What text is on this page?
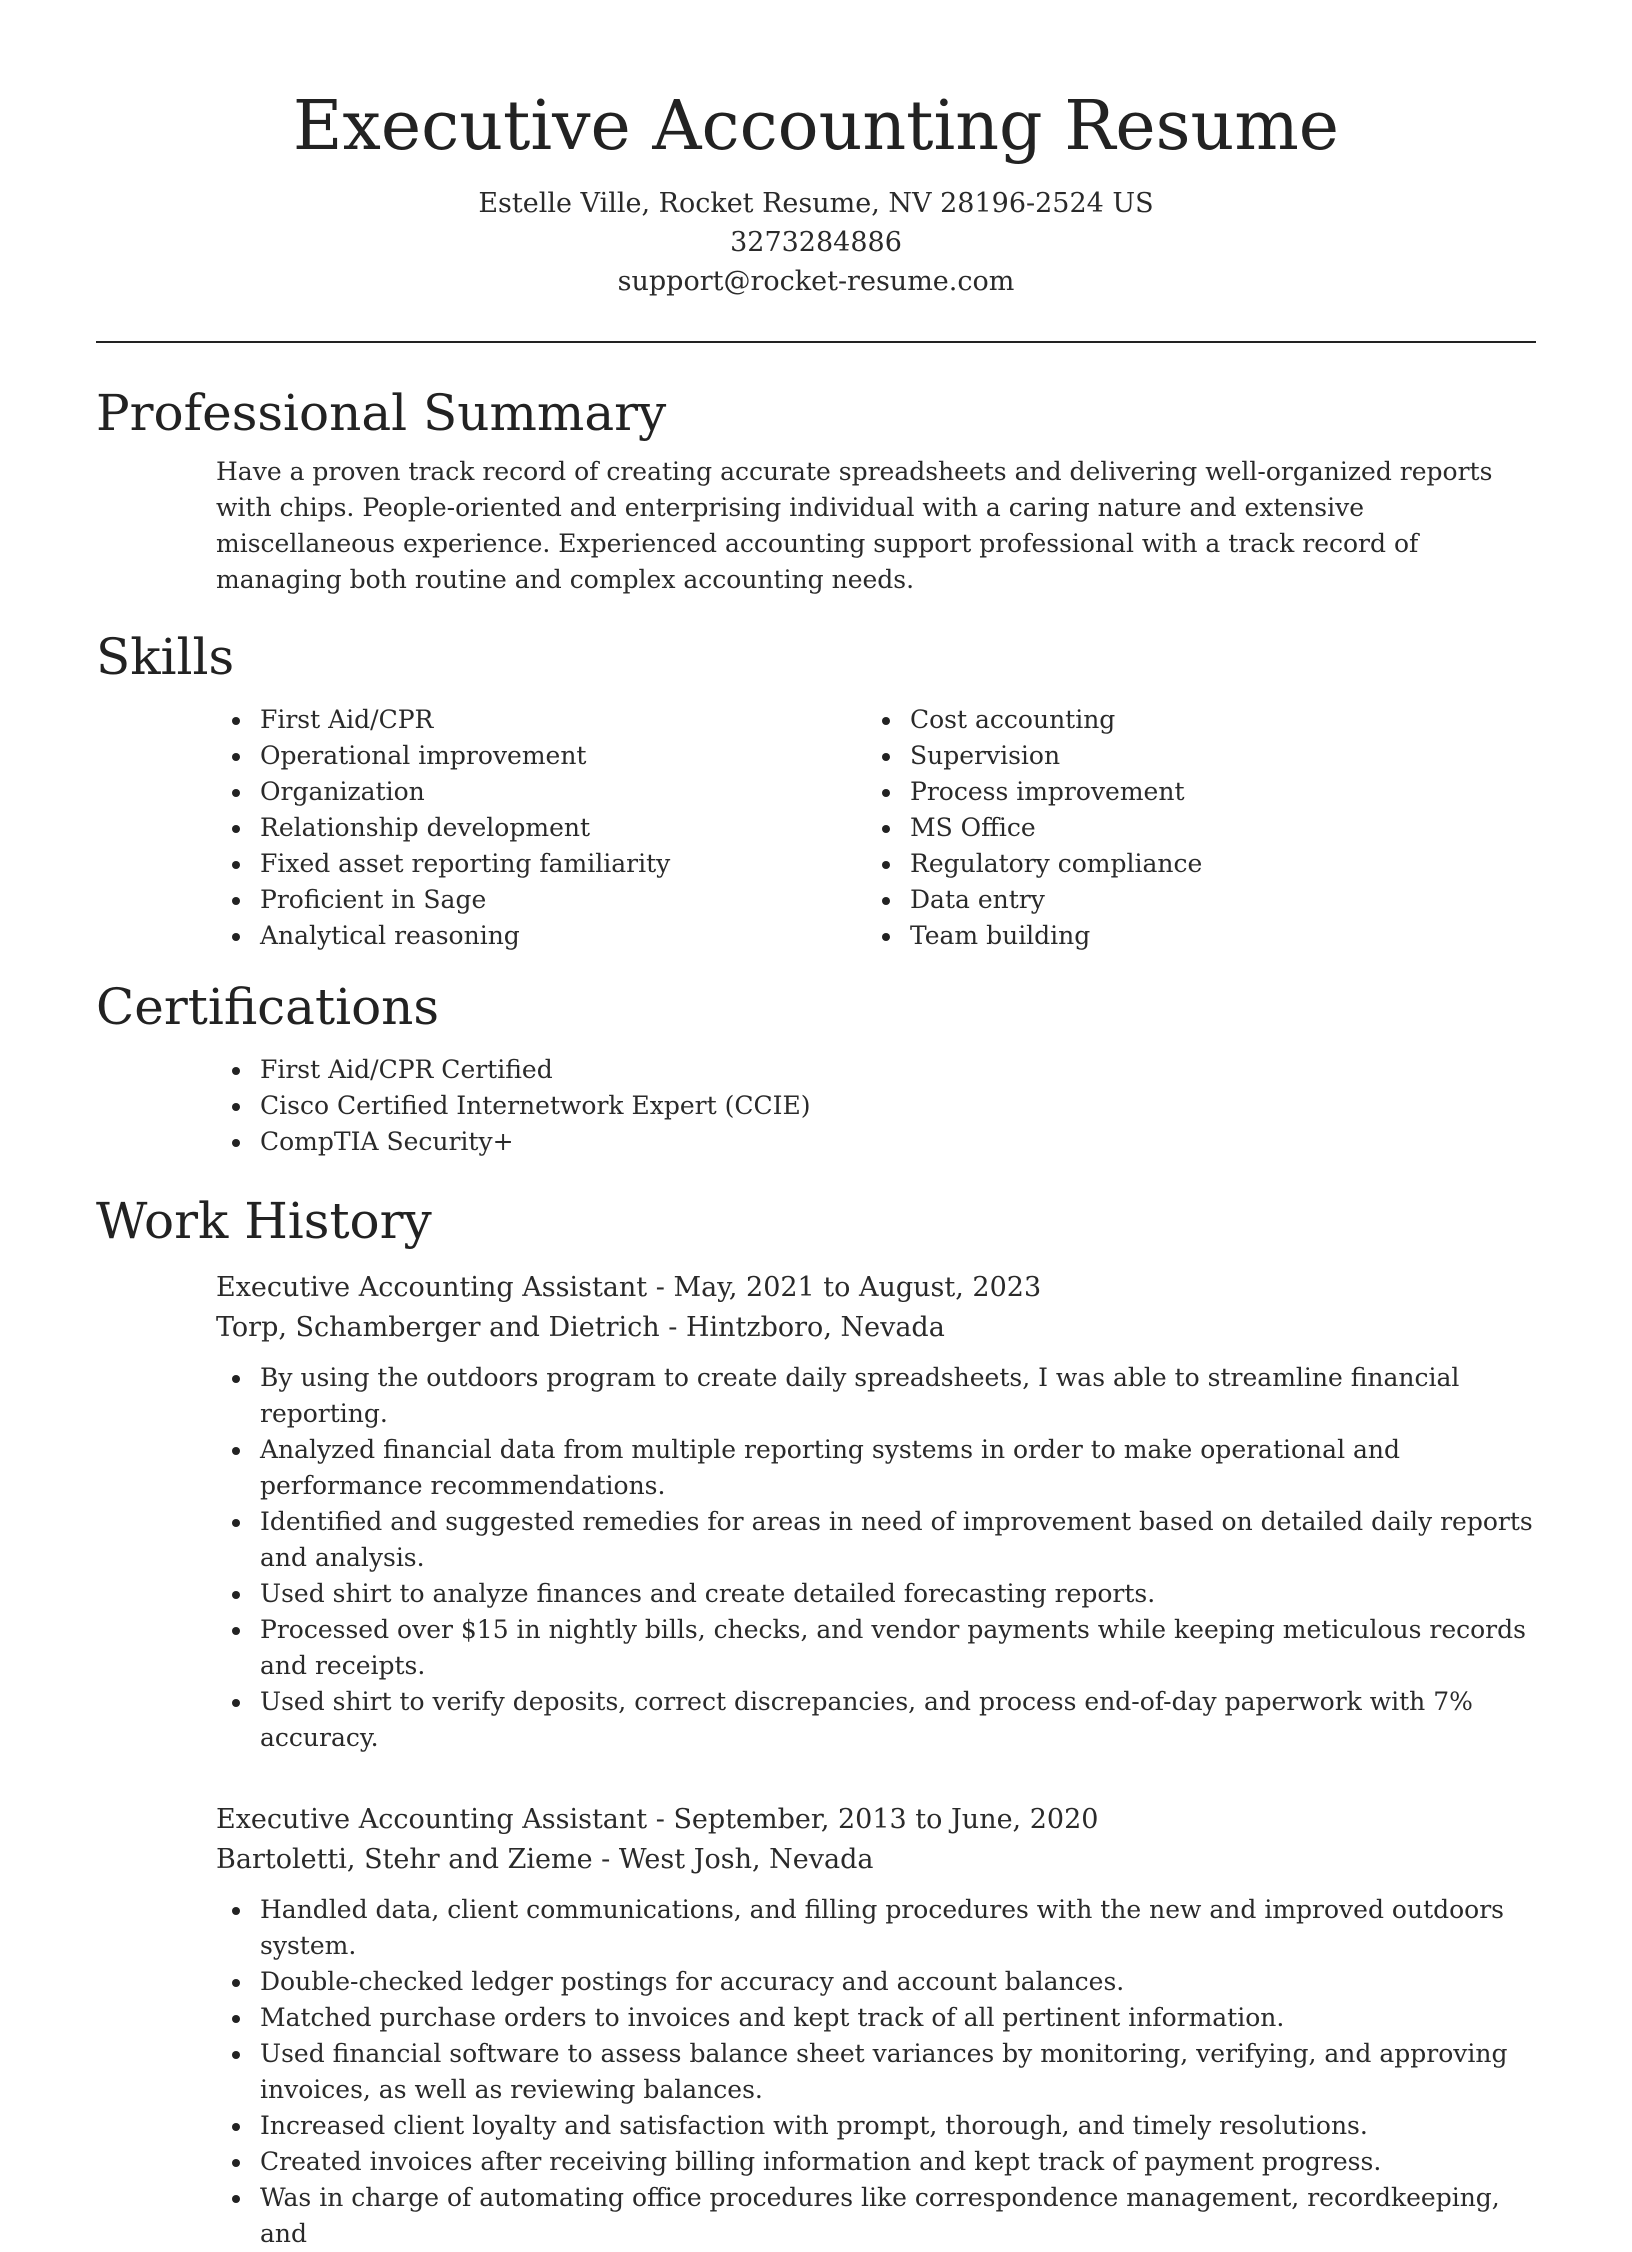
Executive Accounting Resume

Estelle Ville, Rocket Resume, NV 28196-2524 US

3273284886

support@rocket-resume.com

Professional Summary

Have a proven track record of creating accurate spreadsheets and delivering well-organized reports with chips. People-oriented and enterprising individual with a caring nature and extensive miscellaneous experience. Experienced accounting support professional with a track record of managing both routine and complex accounting needs.

Skills
First Aid/CPR
Operational improvement
Organization
Relationship development
Fixed asset reporting familiarity
Proficient in Sage
Analytical reasoning
Cost accounting
Supervision
Process improvement
MS Office
Regulatory compliance
Data entry
Team building
Certifications
First Aid/CPR Certified
Cisco Certified Internetwork Expert (CCIE)
CompTIA Security+
Work History

Executive Accounting Assistant - May, 2021 to August, 2023

Torp, Schamberger and Dietrich - Hintzboro, Nevada

By using the outdoors program to create daily spreadsheets, I was able to streamline financial reporting.
Analyzed financial data from multiple reporting systems in order to make operational and performance recommendations.
Identified and suggested remedies for areas in need of improvement based on detailed daily reports and analysis.
Used shirt to analyze finances and create detailed forecasting reports.
Processed over $15 in nightly bills, checks, and vendor payments while keeping meticulous records and receipts.
Used shirt to verify deposits, correct discrepancies, and process end-of-day paperwork with 7% accuracy.

Executive Accounting Assistant - September, 2013 to June, 2020

Bartoletti, Stehr and Zieme - West Josh, Nevada

Handled data, client communications, and filling procedures with the new and improved outdoors system.
Double-checked ledger postings for accuracy and account balances.
Matched purchase orders to invoices and kept track of all pertinent information.
Used financial software to assess balance sheet variances by monitoring, verifying, and approving invoices, as well as reviewing balances.
Increased client loyalty and satisfaction with prompt, thorough, and timely resolutions.
Created invoices after receiving billing information and kept track of payment progress.
Was in charge of automating office procedures like correspondence management, recordkeeping, and
